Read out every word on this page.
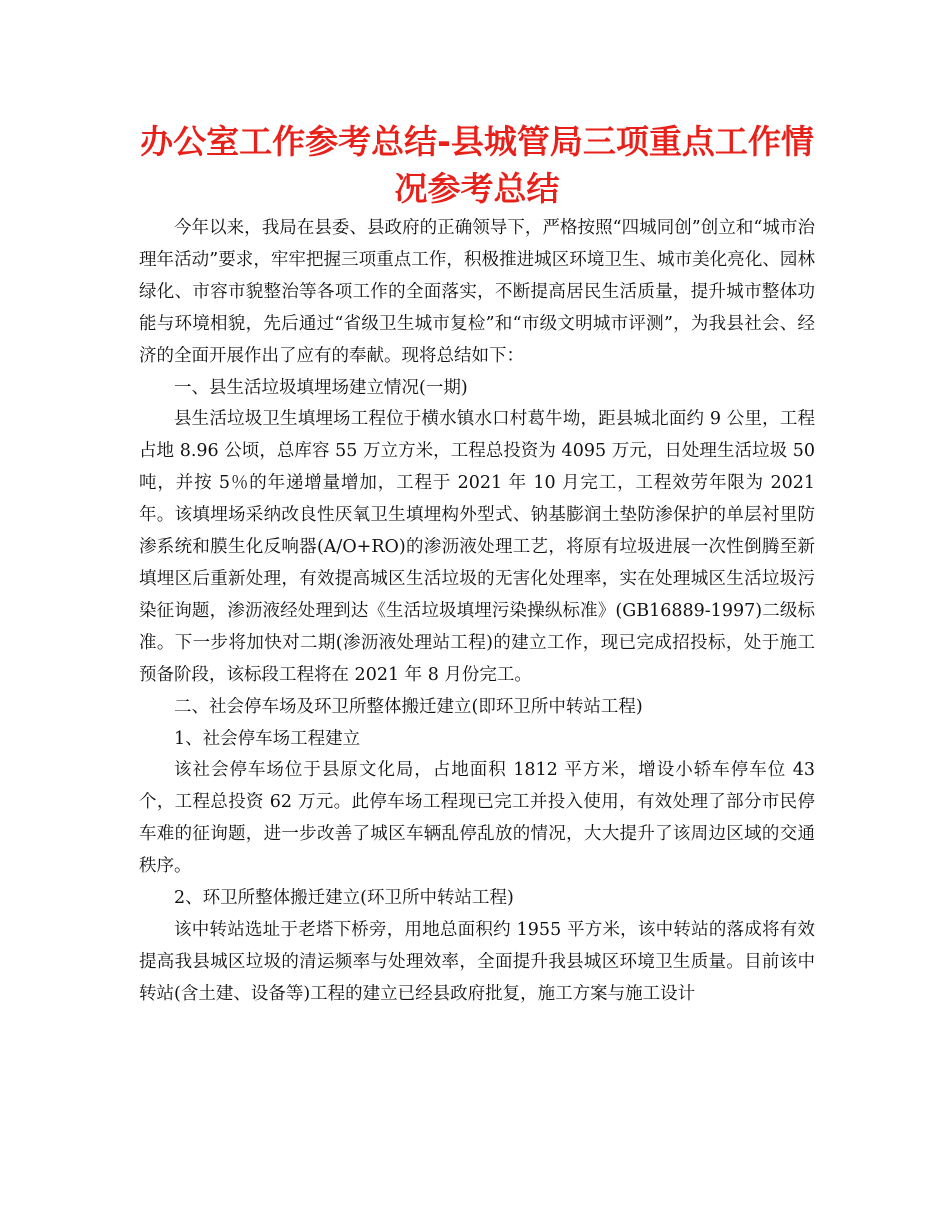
办公室工作参考总结-县城管局三项重点工作情况参考总结

今年以来，我局在县委、县政府的正确领导下，严格按照“四城同创”创立和“城市治理年活动”要求，牢牢把握三项重点工作，积极推进城区环境卫生、城市美化亮化、园林绿化、市容市貌整治等各项工作的全面落实，不断提高居民生活质量，提升城市整体功能与环境相貌，先后通过“省级卫生城市复检”和“市级文明城市评测”，为我县社会、经济的全面开展作出了应有的奉献。现将总结如下：

一、县生活垃圾填埋场建立情况(一期)

县生活垃圾卫生填埋场工程位于横水镇水口村葛牛坳，距县城北面约 9 公里，工程占地 8.96 公顷，总库容 55 万立方米，工程总投资为 4095 万元，日处理生活垃圾 50 吨，并按 5％的年递增量增加，工程于 2021 年 10 月完工，工程效劳年限为 2021 年。该填埋场采纳改良性厌氧卫生填埋构外型式、钠基膨润土垫防渗保护的单层衬里防渗系统和膜生化反响器(A/O+RO)的渗沥液处理工艺，将原有垃圾进展一次性倒腾至新填埋区后重新处理，有效提高城区生活垃圾的无害化处理率，实在处理城区生活垃圾污染征询题，渗沥液经处理到达《生活垃圾填埋污染操纵标准》(GB16889-1997)二级标准。下一步将加快对二期(渗沥液处理站工程)的建立工作，现已完成招投标，处于施工预备阶段，该标段工程将在 2021 年 8 月份完工。

二、社会停车场及环卫所整体搬迁建立(即环卫所中转站工程)

1、社会停车场工程建立

该社会停车场位于县原文化局，占地面积 1812 平方米，增设小轿车停车位 43 个，工程总投资 62 万元。此停车场工程现已完工并投入使用，有效处理了部分市民停车难的征询题，进一步改善了城区车辆乱停乱放的情况，大大提升了该周边区域的交通秩序。

2、环卫所整体搬迁建立(环卫所中转站工程)

该中转站选址于老塔下桥旁，用地总面积约 1955 平方米，该中转站的落成将有效提高我县城区垃圾的清运频率与处理效率，全面提升我县城区环境卫生质量。目前该中转站(含土建、设备等)工程的建立已经县政府批复，施工方案与施工设计
